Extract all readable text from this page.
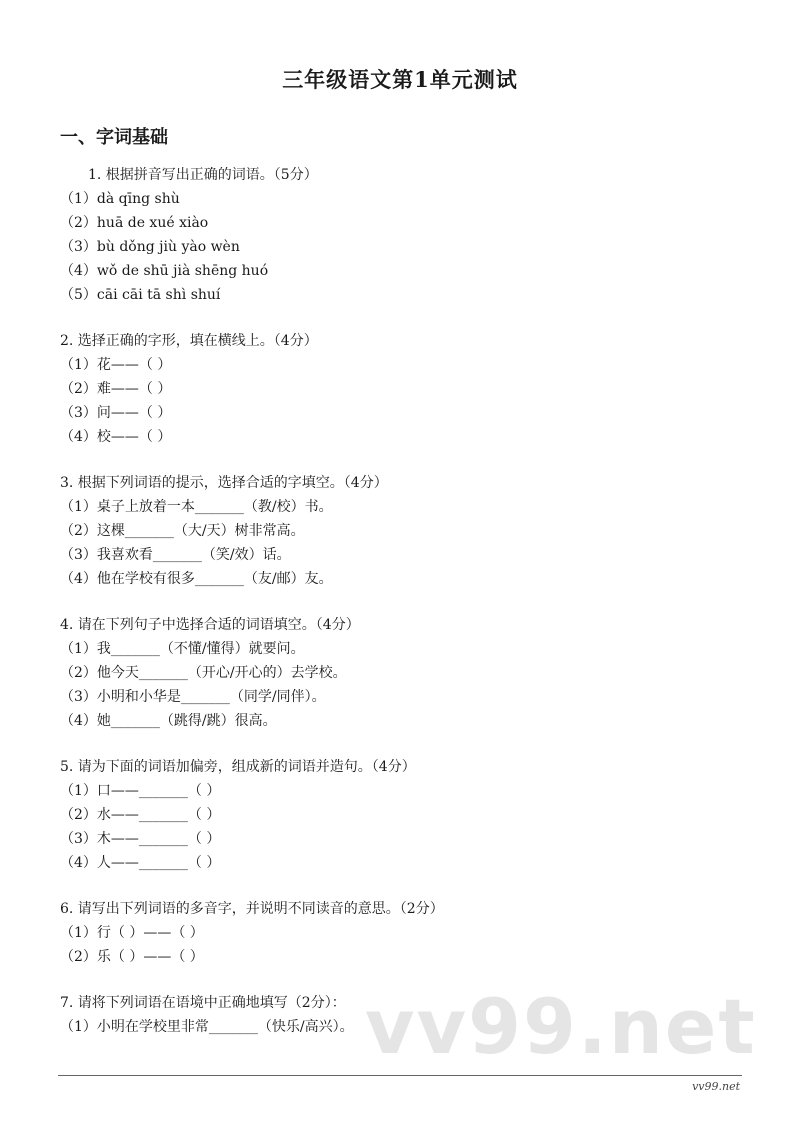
三年级语文第1单元测试
一、字词基础
1. 根据拼音写出正确的词语。（5分）
（1）dà qīng shù
（2）huā de xué xiào
（3）bù dǒng jiù yào wèn
（4）wǒ de shū jià shēng huó
（5）cāi cāi tā shì shuí
2. 选择正确的字形，填在横线上。（4分）
（1）花——（ ）
（2）难——（ ）
（3）问——（ ）
（4）校——（ ）
3. 根据下列词语的提示，选择合适的字填空。（4分）
（1）桌子上放着一本_______（教/校）书。
（2）这棵_______（大/天）树非常高。
（3）我喜欢看_______（笑/效）话。
（4）他在学校有很多_______（友/邮）友。
4. 请在下列句子中选择合适的词语填空。（4分）
（1）我_______（不懂/懂得）就要问。
（2）他今天_______（开心/开心的）去学校。
（3）小明和小华是_______（同学/同伴）。
（4）她_______（跳得/跳）很高。
5. 请为下面的词语加偏旁，组成新的词语并造句。（4分）
（1）口——_______（ ）
（2）水——_______（ ）
（3）木——_______（ ）
（4）人——_______（ ）
6. 请写出下列词语的多音字，并说明不同读音的意思。（2分）
（1）行（ ）——（ ）
（2）乐（ ）——（ ）
7. 请将下列词语在语境中正确地填写（2分）：
（1）小明在学校里非常_______（快乐/高兴）。 vv99.net
vv99.net
